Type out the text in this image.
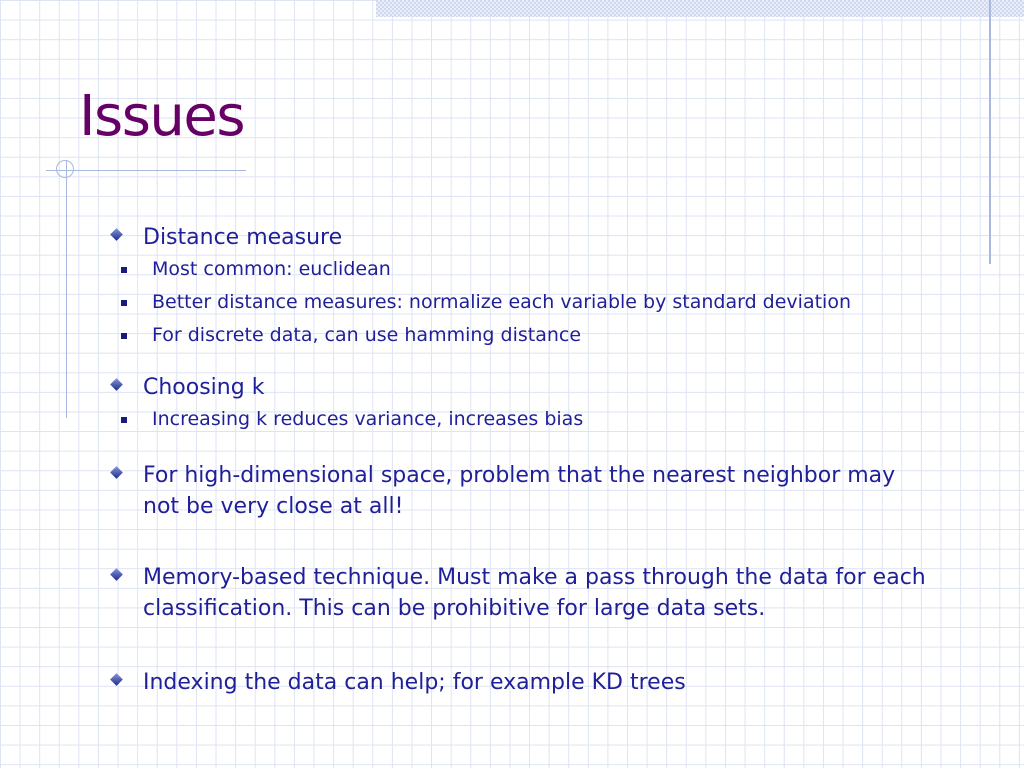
Issues
Distance measure
Most common: euclidean
Better distance measures: normalize each variable by standard deviation
For discrete data, can use hamming distance
Choosing k
Increasing k reduces variance, increases bias
For high-dimensional space, problem that the nearest neighbor may not be very close at all!
Memory-based technique. Must make a pass through the data for each classification. This can be prohibitive for large data sets.
Indexing the data can help; for example KD trees
